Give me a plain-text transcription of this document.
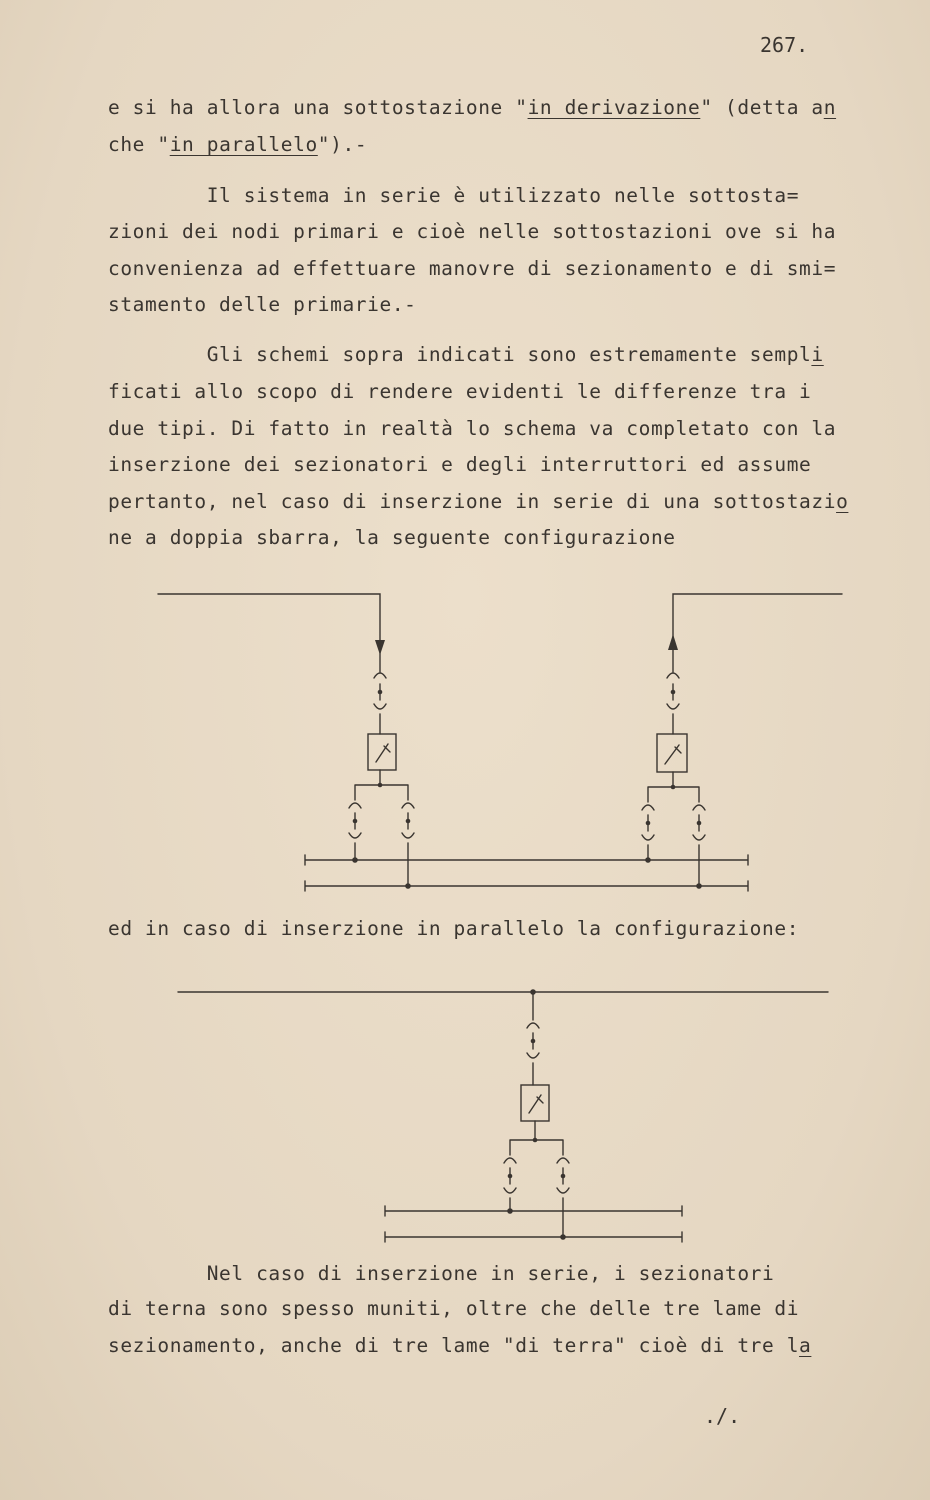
267.
e si ha allora una sottostazione "in derivazione" (detta an
che "in parallelo").-
Il sistema in serie è utilizzato nelle sottosta=
zioni dei nodi primari e cioè nelle sottostazioni ove si ha
convenienza ad effettuare manovre di sezionamento e di smi=
stamento delle primarie.-
Gli schemi sopra indicati sono estremamente sempli
ficati allo scopo di rendere evidenti le differenze tra i
due tipi. Di fatto in realtà lo schema va completato con la
inserzione dei sezionatori e degli interruttori ed assume
pertanto, nel caso di inserzione in serie di una sottostazio
ne a doppia sbarra, la seguente configurazione
ed in caso di inserzione in parallelo la configurazione:
Nel caso di inserzione in serie, i sezionatori
di terna sono spesso muniti, oltre che delle tre lame di
sezionamento, anche di tre lame "di terra" cioè di tre la
./.
